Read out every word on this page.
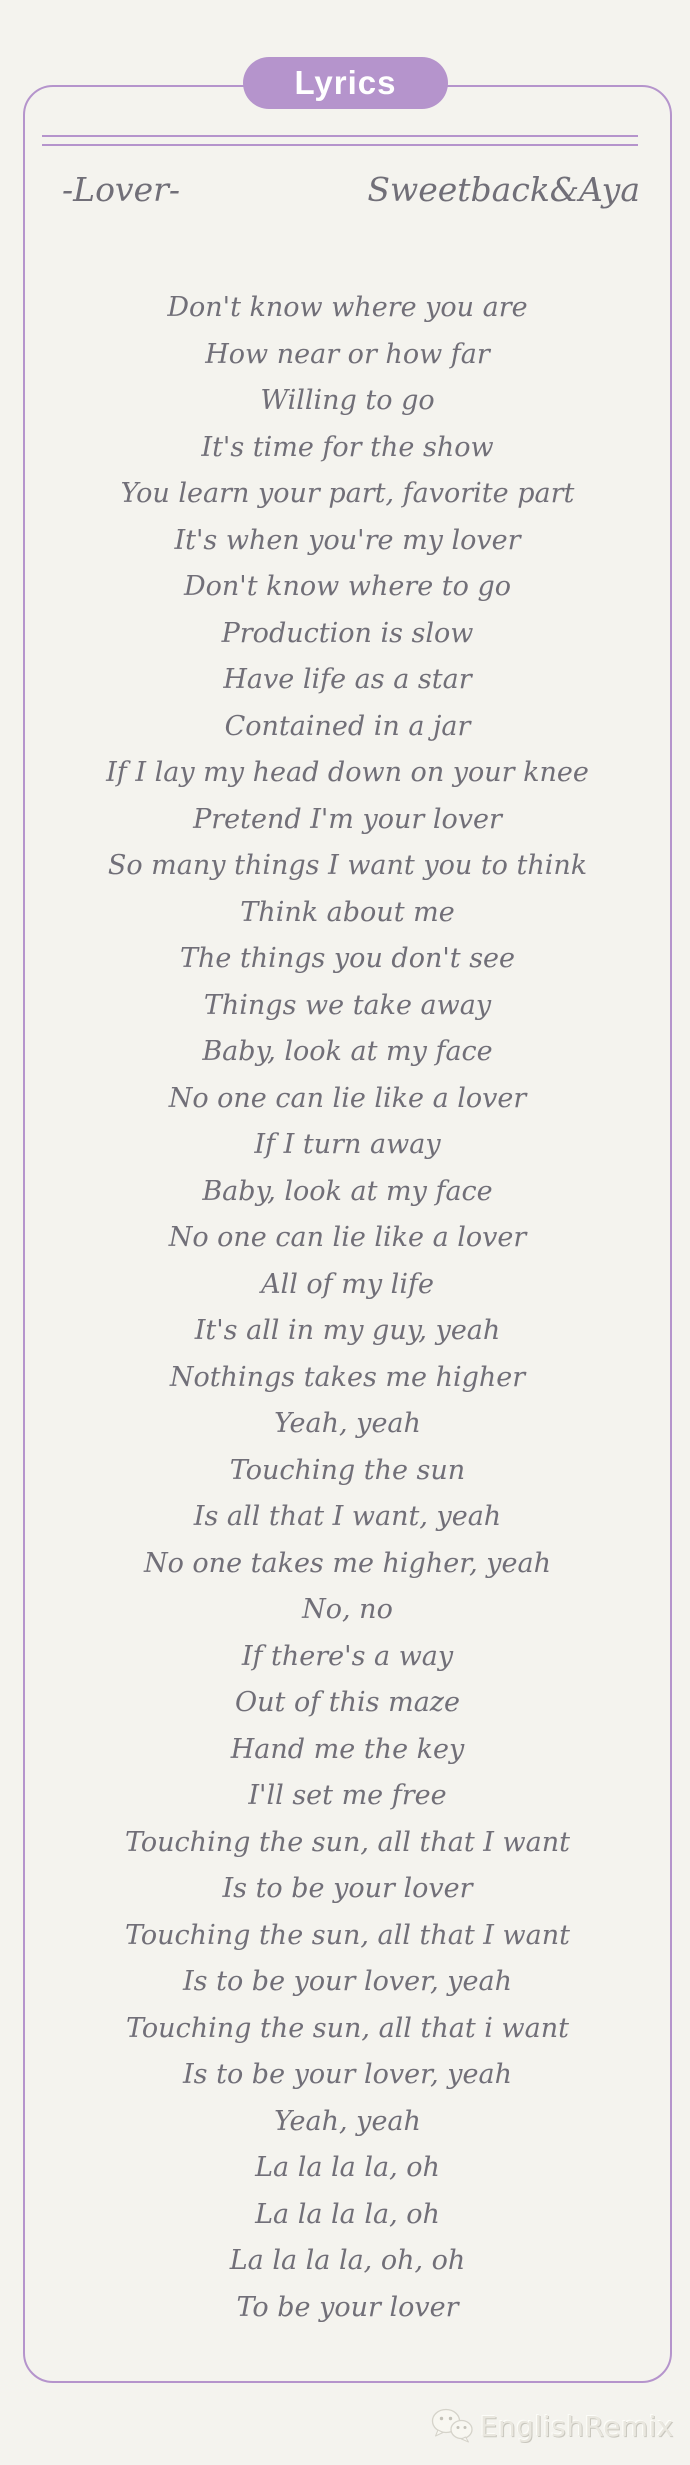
Lyrics
-Lover-	Sweetback&Aya
Don't know where you are
How near or how far
Willing to go
It's time for the show
You learn your part, favorite part
It's when you're my lover
Don't know where to go
Production is slow
Have life as a star
Contained in a jar
If I lay my head down on your knee
Pretend I'm your lover
So many things I want you to think
Think about me
The things you don't see
Things we take away
Baby, look at my face
No one can lie like a lover
If I turn away
Baby, look at my face
No one can lie like a lover
All of my life
It's all in my guy, yeah
Nothings takes me higher
Yeah, yeah
Touching the sun
Is all that I want, yeah
No one takes me higher, yeah
No, no
If there's a way
Out of this maze
Hand me the key
I'll set me free
Touching the sun, all that I want
Is to be your lover
Touching the sun, all that I want
Is to be your lover, yeah
Touching the sun, all that i want
Is to be your lover, yeah
Yeah, yeah
La la la la, oh
La la la la, oh
La la la la, oh, oh
To be your lover
EnglishRemix
